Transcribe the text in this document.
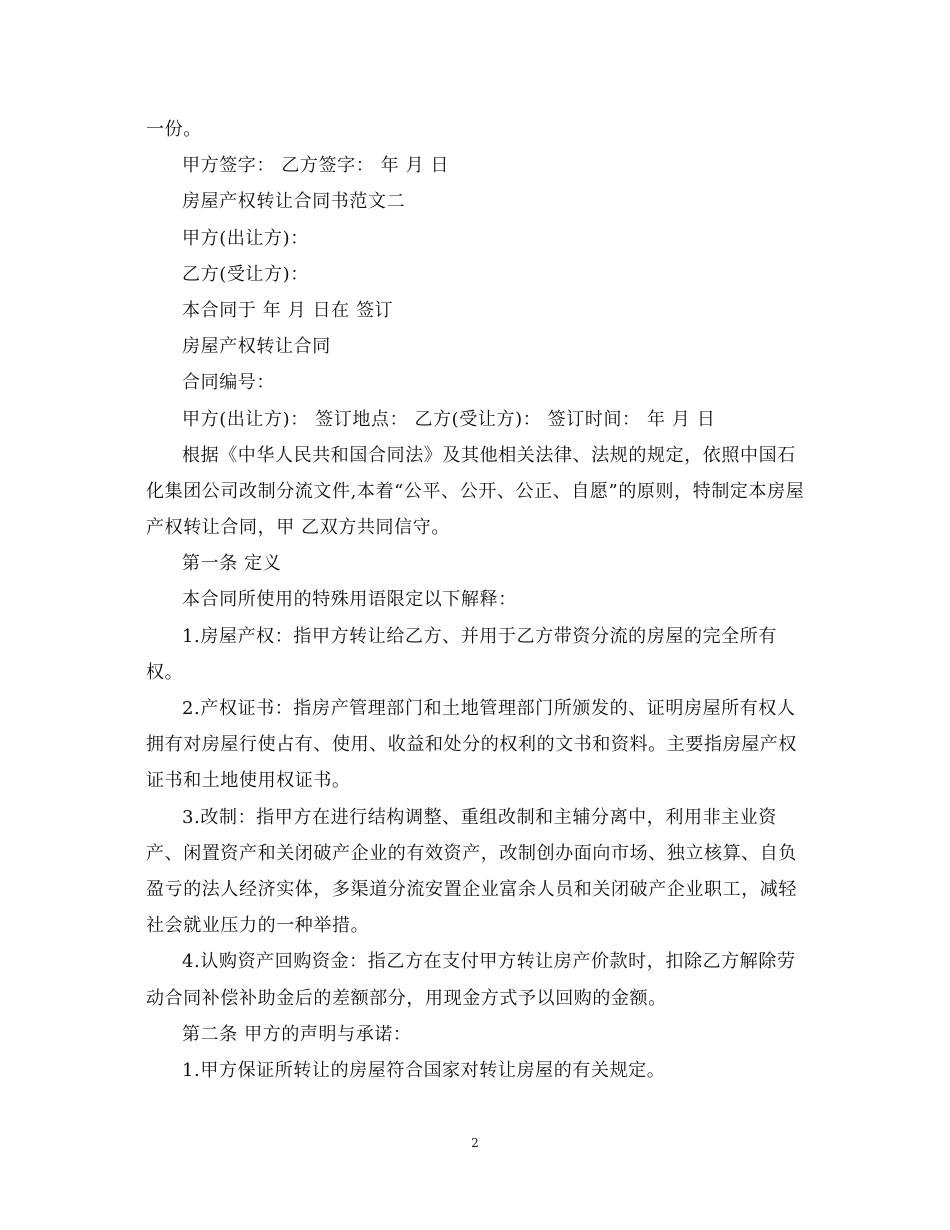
一份。
甲方签字： 乙方签字： 年 月 日
房屋产权转让合同书范文二
甲方(出让方)：
乙方(受让方)：
本合同于 年 月 日在 签订
房屋产权转让合同
合同编号：
甲方(出让方)： 签订地点： 乙方(受让方)： 签订时间： 年 月 日
根据《中华人民共和国合同法》及其他相关法律、法规的规定，依照中国石
化集团公司改制分流文件,本着“公平、公开、公正、自愿”的原则，特制定本房屋
产权转让合同，甲 乙双方共同信守。
第一条 定义
本合同所使用的特殊用语限定以下解释：
1.房屋产权：指甲方转让给乙方、并用于乙方带资分流的房屋的完全所有
权。
2.产权证书：指房产管理部门和土地管理部门所颁发的、证明房屋所有权人
拥有对房屋行使占有、使用、收益和处分的权利的文书和资料。主要指房屋产权
证书和土地使用权证书。
3.改制：指甲方在进行结构调整、重组改制和主辅分离中，利用非主业资
产、闲置资产和关闭破产企业的有效资产，改制创办面向市场、独立核算、自负
盈亏的法人经济实体，多渠道分流安置企业富余人员和关闭破产企业职工，减轻
社会就业压力的一种举措。
4.认购资产回购资金：指乙方在支付甲方转让房产价款时，扣除乙方解除劳
动合同补偿补助金后的差额部分，用现金方式予以回购的金额。
第二条 甲方的声明与承诺：
1.甲方保证所转让的房屋符合国家对转让房屋的有关规定。
2
